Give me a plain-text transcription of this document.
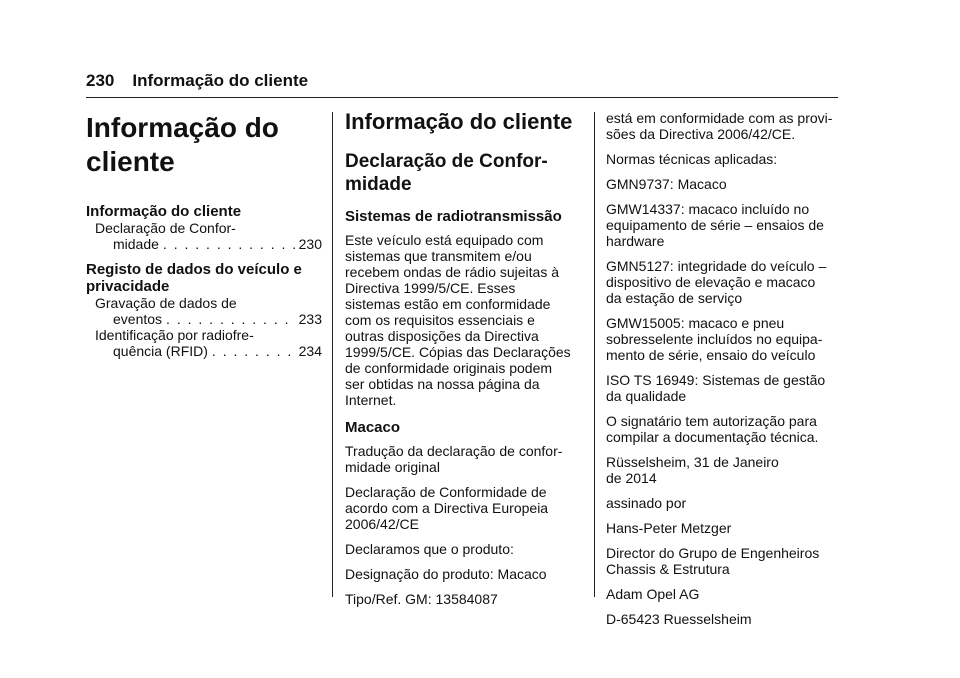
230 Informação do cliente
Informação do
cliente
Informação do cliente
Declaração de Confor-
midade . . .	230
Registo de dados do veículo e
privacidade
Gravação de dados de
eventos . . .	233
Identificação por radiofre-
quência (RFID) . . .	234
Informação do cliente
Declaração de Confor-
midade
Sistemas de radiotransmissão

Este veículo está equipado com
sistemas que transmitem e/ou
recebem ondas de rádio sujeitas à
Directiva 1999/5/CE. Esses
sistemas estão em conformidade
com os requisitos essenciais e
outras disposições da Directiva
1999/5/CE. Cópias das Declarações
de conformidade originais podem
ser obtidas na nossa página da
Internet.

Macaco

Tradução da declaração de confor-
midade original

Declaração de Conformidade de
acordo com a Directiva Europeia
2006/42/CE

Declaramos que o produto:

Designação do produto: Macaco

Tipo/Ref. GM: 13584087

está em conformidade com as provi-
sões da Directiva 2006/42/CE.

Normas técnicas aplicadas:

GMN9737: Macaco

GMW14337: macaco incluído no
equipamento de série – ensaios de
hardware

GMN5127: integridade do veículo –
dispositivo de elevação e macaco
da estação de serviço

GMW15005: macaco e pneu
sobresselente incluídos no equipa-
mento de série, ensaio do veículo

ISO TS 16949: Sistemas de gestão
da qualidade

O signatário tem autorização para
compilar a documentação técnica.

Rüsselsheim, 31 de Janeiro
de 2014

assinado por

Hans-Peter Metzger

Director do Grupo de Engenheiros
Chassis & Estrutura

Adam Opel AG

D-65423 Ruesselsheim
